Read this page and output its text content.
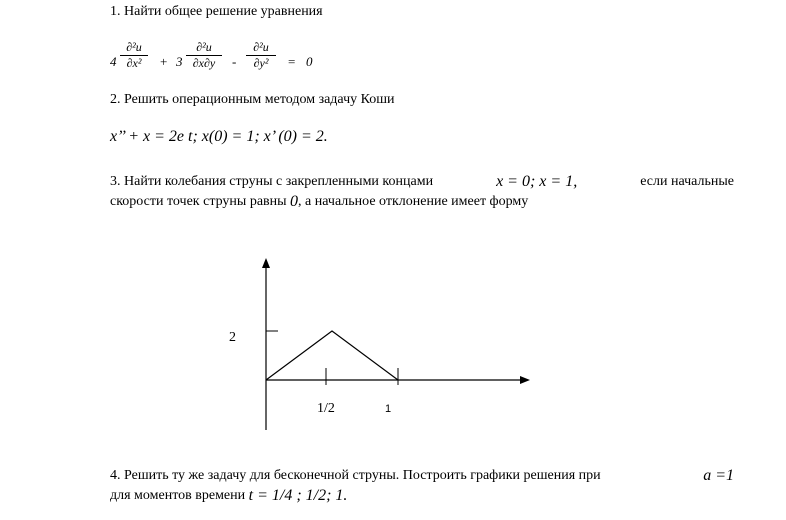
1. Найти общее решение уравнения
4
∂²u
∂x²	+ 3
∂²u
∂x∂y	-
∂²u
∂y²	= 0
2. Решить операционным методом задачу Коши
x’’ + x = 2e t; x(0) = 1; x’ (0) = 2.
3. Найти колебания струны с закрепленными концами	x = 0; x = 1,	если начальные
скорости точек струны равны
0 , а начальное отклонение имеет форму
2
1/2	1
4. Решить ту же задачу для бесконечной струны. Построить графики решения при	a =1
для моментов времени
t = 1/4 ; 1/2; 1.
